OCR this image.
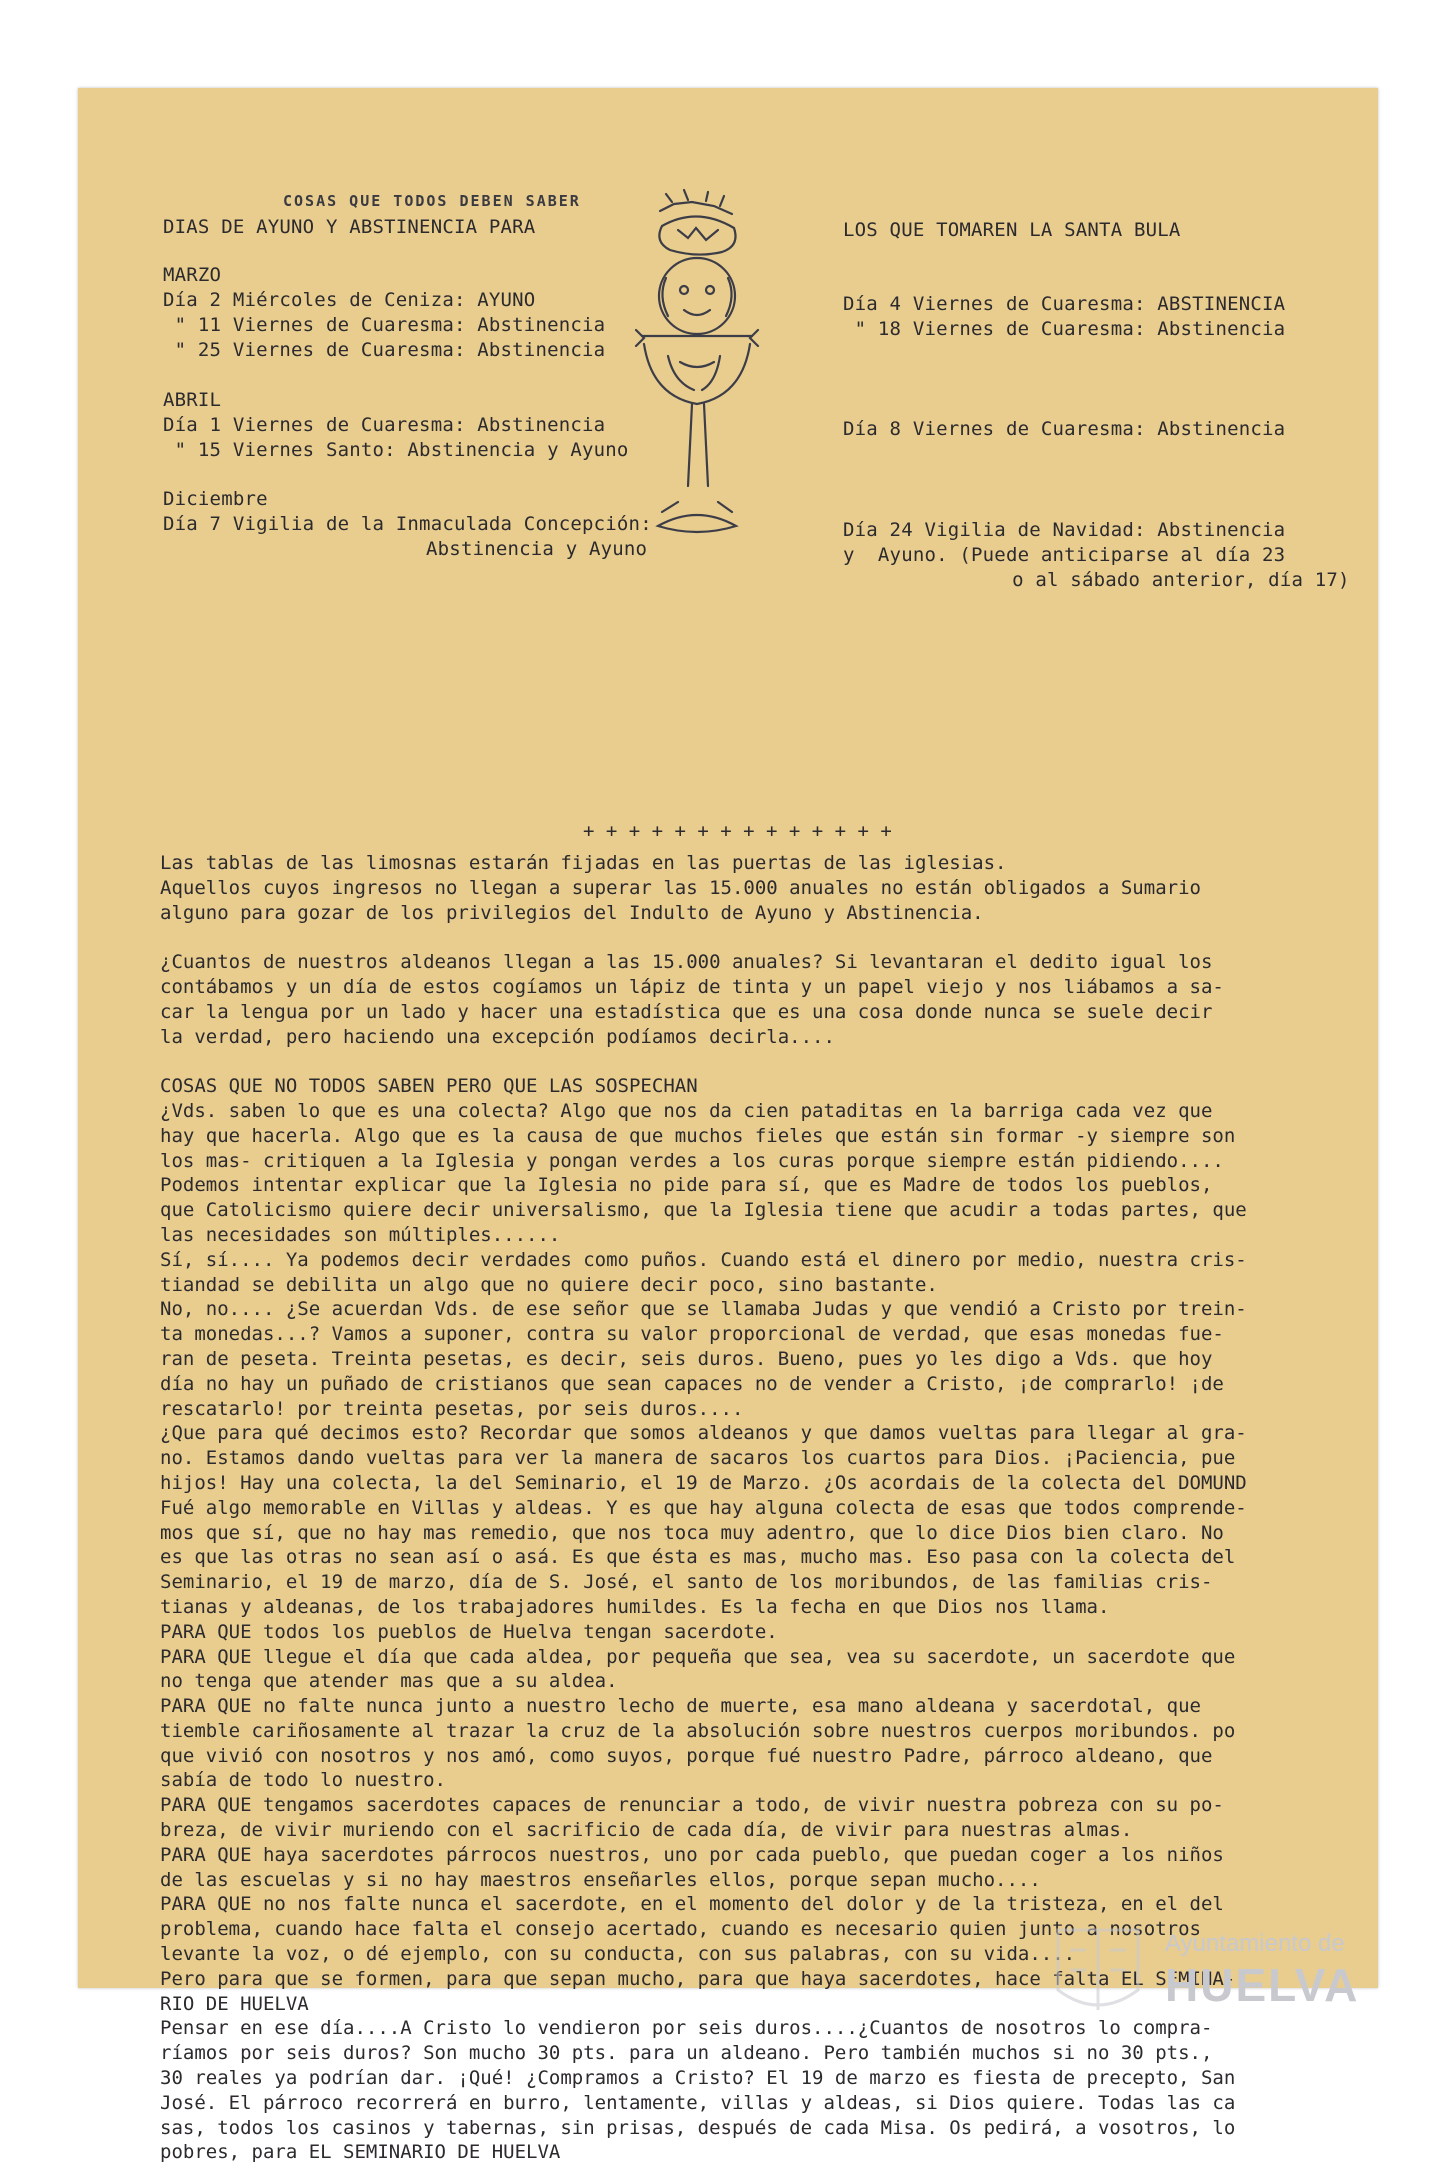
COSAS QUE TODOS DEBEN SABER
DIAS DE AYUNO Y ABSTINENCIA PARA	LOS QUE TOMAREN LA SANTA BULA
MARZO
Día 2 Miércoles de Ceniza: AYUNO
" 11 Viernes de Cuaresma: Abstinencia
" 25 Viernes de Cuaresma: Abstinencia
Día 4 Viernes de Cuaresma: ABSTINENCIA
" 18 Viernes de Cuaresma: Abstinencia
ABRIL
Día 1 Viernes de Cuaresma: Abstinencia
" 15 Viernes Santo: Abstinencia y Ayuno
Día 8 Viernes de Cuaresma: Abstinencia
Diciembre
Día 7 Vigilia de la Inmaculada Concepción:
Abstinencia y Ayuno
Día 24 Vigilia de Navidad: Abstinencia
y  Ayuno. (Puede anticiparse al día 23
o al sábado anterior, día 17)
+ + + + + + + + + + + + + +
Las tablas de las limosnas estarán fijadas en las puertas de las iglesias.
Aquellos cuyos ingresos no llegan a superar las 15.000 anuales no están obligados a Sumario
alguno para gozar de los privilegios del Indulto de Ayuno y Abstinencia.
¿Cuantos de nuestros aldeanos llegan a las 15.000 anuales? Si levantaran el dedito igual los
contábamos y un día de estos cogíamos un lápiz de tinta y un papel viejo y nos liábamos a sa-
car la lengua por un lado y hacer una estadística que es una cosa donde nunca se suele decir
la verdad, pero haciendo una excepción podíamos decirla....
COSAS QUE NO TODOS SABEN PERO QUE LAS SOSPECHAN
¿Vds. saben lo que es una colecta? Algo que nos da cien pataditas en la barriga cada vez que
hay que hacerla. Algo que es la causa de que muchos fieles que están sin formar -y siempre son
los mas- critiquen a la Iglesia y pongan verdes a los curas porque siempre están pidiendo....
Podemos intentar explicar que la Iglesia no pide para sí, que es Madre de todos los pueblos,
que Catolicismo quiere decir universalismo, que la Iglesia tiene que acudir a todas partes, que
las necesidades son múltiples......
Sí, sí.... Ya podemos decir verdades como puños. Cuando está el dinero por medio, nuestra cris-
tiandad se debilita un algo que no quiere decir poco, sino bastante.
No, no.... ¿Se acuerdan Vds. de ese señor que se llamaba Judas y que vendió a Cristo por trein-
ta monedas...? Vamos a suponer, contra su valor proporcional de verdad, que esas monedas fue-
ran de peseta. Treinta pesetas, es decir, seis duros. Bueno, pues yo les digo a Vds. que hoy
día no hay un puñado de cristianos que sean capaces no de vender a Cristo, ¡de comprarlo! ¡de
rescatarlo! por treinta pesetas, por seis duros....
¿Que para qué decimos esto? Recordar que somos aldeanos y que damos vueltas para llegar al gra-
no. Estamos dando vueltas para ver la manera de sacaros los cuartos para Dios. ¡Paciencia, pue
hijos! Hay una colecta, la del Seminario, el 19 de Marzo. ¿Os acordais de la colecta del DOMUND
Fué algo memorable en Villas y aldeas. Y es que hay alguna colecta de esas que todos comprende-
mos que sí, que no hay mas remedio, que nos toca muy adentro, que lo dice Dios bien claro. No
es que las otras no sean así o asá. Es que ésta es mas, mucho mas. Eso pasa con la colecta del
Seminario, el 19 de marzo, día de S. José, el santo de los moribundos, de las familias cris-
tianas y aldeanas, de los trabajadores humildes. Es la fecha en que Dios nos llama.
PARA QUE todos los pueblos de Huelva tengan sacerdote.
PARA QUE llegue el día que cada aldea, por pequeña que sea, vea su sacerdote, un sacerdote que
no tenga que atender mas que a su aldea.
PARA QUE no falte nunca junto a nuestro lecho de muerte, esa mano aldeana y sacerdotal, que
tiemble cariñosamente al trazar la cruz de la absolución sobre nuestros cuerpos moribundos. po
que vivió con nosotros y nos amó, como suyos, porque fué nuestro Padre, párroco aldeano, que
sabía de todo lo nuestro.
PARA QUE tengamos sacerdotes capaces de renunciar a todo, de vivir nuestra pobreza con su po-
breza, de vivir muriendo con el sacrificio de cada día, de vivir para nuestras almas.
PARA QUE haya sacerdotes párrocos nuestros, uno por cada pueblo, que puedan coger a los niños
de las escuelas y si no hay maestros enseñarles ellos, porque sepan mucho....
PARA QUE no nos falte nunca el sacerdote, en el momento del dolor y de la tristeza, en el del
problema, cuando hace falta el consejo acertado, cuando es necesario quien junto a nosotros
levante la voz, o dé ejemplo, con su conducta, con sus palabras, con su vida....
Pero para que se formen, para que sepan mucho, para que haya sacerdotes, hace falta EL SEMINA-
RIO DE HUELVA
Pensar en ese día....A Cristo lo vendieron por seis duros....¿Cuantos de nosotros lo compra-
ríamos por seis duros? Son mucho 30 pts. para un aldeano. Pero también muchos si no 30 pts.,
30 reales ya podrían dar. ¡Qué! ¿Compramos a Cristo? El 19 de marzo es fiesta de precepto, San
José. El párroco recorrerá en burro, lentamente, villas y aldeas, si Dios quiere. Todas las ca
sas, todos los casinos y tabernas, sin prisas, después de cada Misa. Os pedirá, a vosotros, lo
pobres, para EL SEMINARIO DE HUELVA
Ayuntamiento de
HUELVA
